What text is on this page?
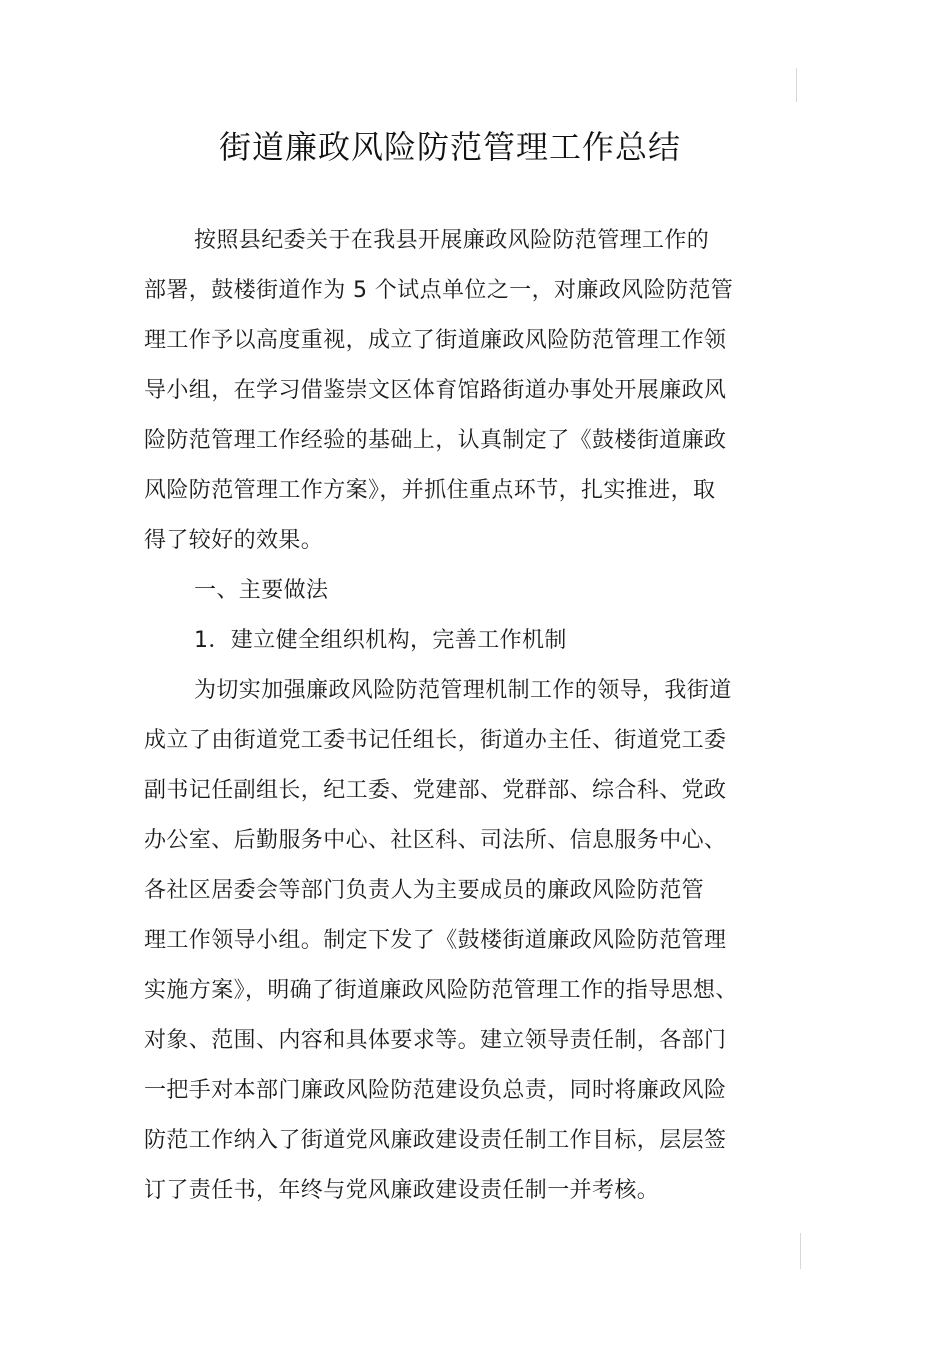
街道廉政风险防范管理工作总结
按照县纪委关于在我县开展廉政风险防范管理工作的
部署，鼓楼街道作为 5 个试点单位之一，对廉政风险防范管
理工作予以高度重视，成立了街道廉政风险防范管理工作领
导小组，在学习借鉴崇文区体育馆路街道办事处开展廉政风
险防范管理工作经验的基础上，认真制定了《鼓楼街道廉政
风险防范管理工作方案》，并抓住重点环节，扎实推进，取
得了较好的效果。
一、主要做法
1．建立健全组织机构，完善工作机制
为切实加强廉政风险防范管理机制工作的领导，我街道
成立了由街道党工委书记任组长，街道办主任、街道党工委
副书记任副组长，纪工委、党建部、党群部、综合科、党政
办公室、后勤服务中心、社区科、司法所、信息服务中心、
各社区居委会等部门负责人为主要成员的廉政风险防范管
理工作领导小组。制定下发了《鼓楼街道廉政风险防范管理
实施方案》，明确了街道廉政风险防范管理工作的指导思想、
对象、范围、内容和具体要求等。建立领导责任制，各部门
一把手对本部门廉政风险防范建设负总责，同时将廉政风险
防范工作纳入了街道党风廉政建设责任制工作目标，层层签
订了责任书，年终与党风廉政建设责任制一并考核。
